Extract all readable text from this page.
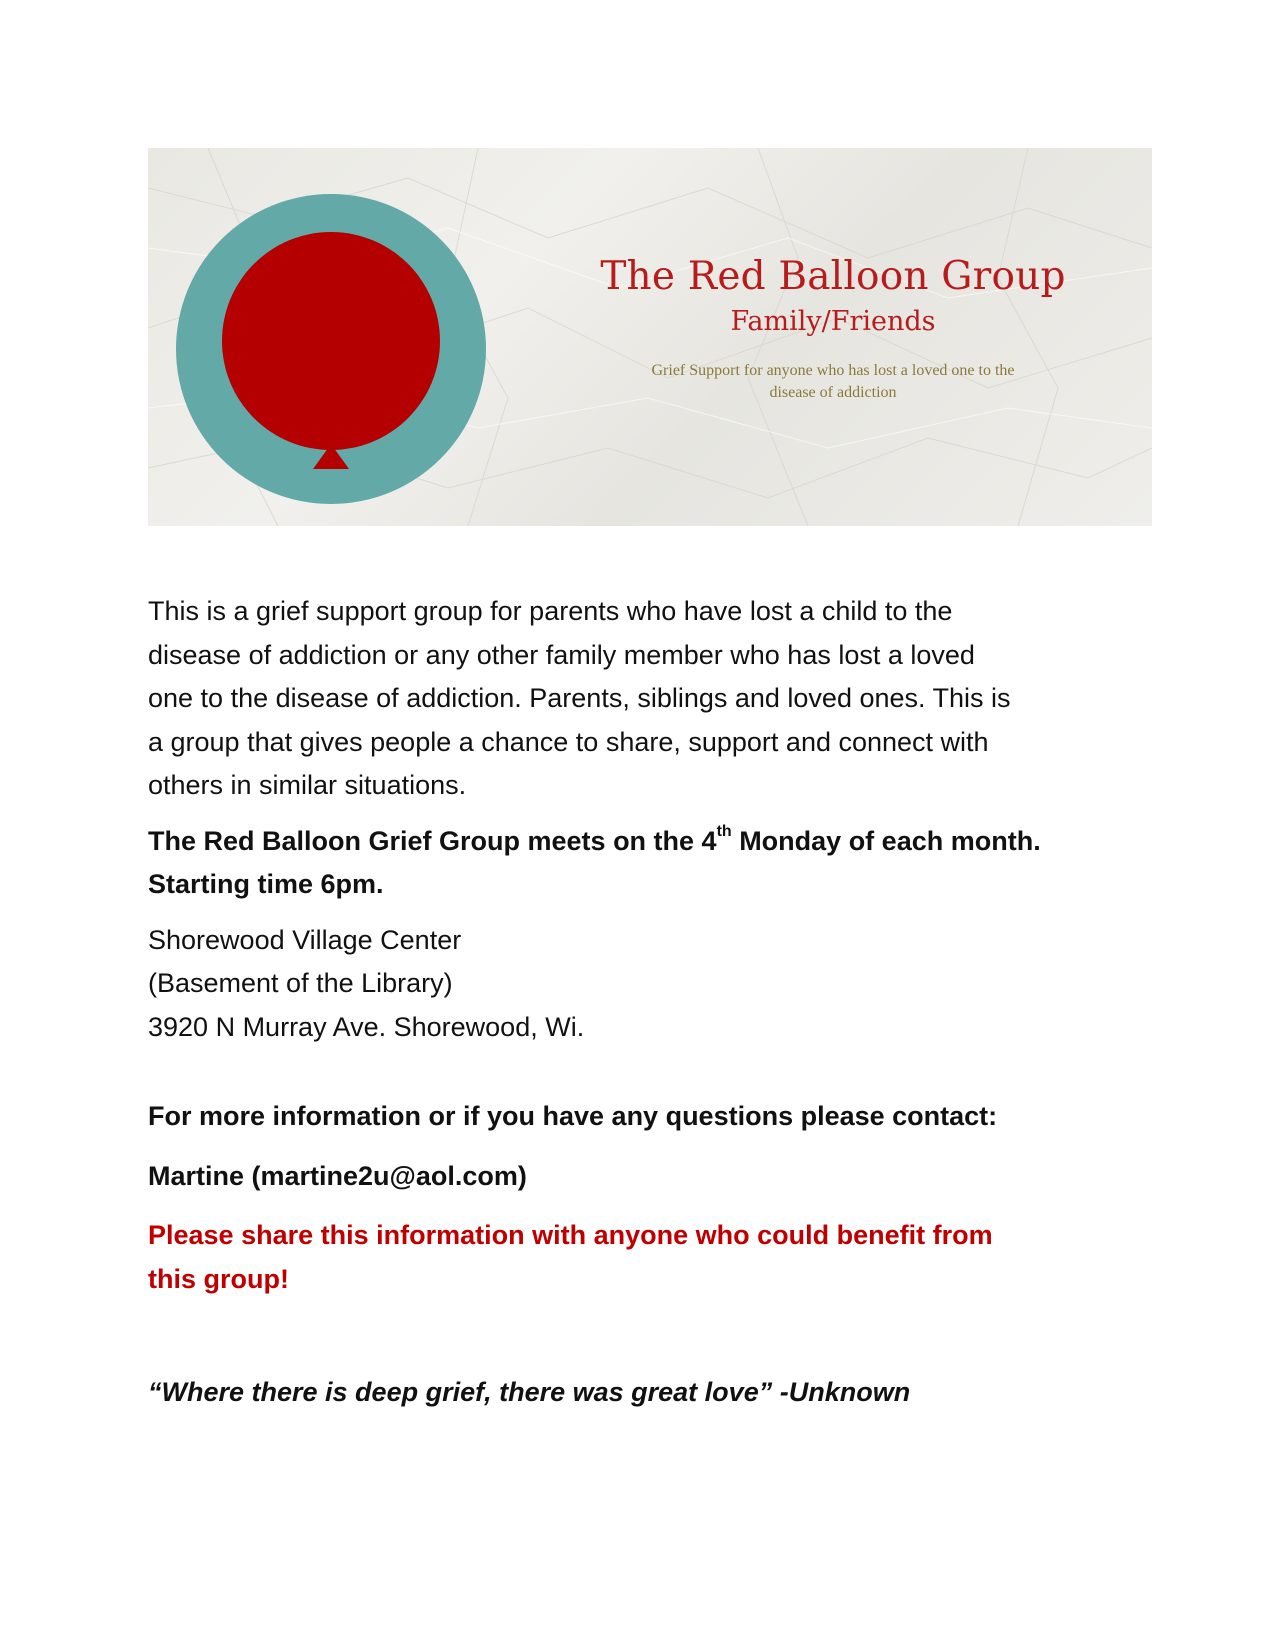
The Red Balloon Group
Family/Friends
Grief Support for anyone who has lost a loved one to the
disease of addiction

This is a grief support group for parents who have lost a child to the
disease of addiction or any other family member who has lost a loved
one to the disease of addiction. Parents, siblings and loved ones. This is
a group that gives people a chance to share, support and connect with
others in similar situations.

The Red Balloon Grief Group meets on the 4th Monday of each month.
Starting time 6pm.

Shorewood Village Center
(Basement of the Library)
3920 N Murray Ave. Shorewood, Wi.

For more information or if you have any questions please contact:

Martine (martine2u@aol.com)

Please share this information with anyone who could benefit from
this group!

“Where there is deep grief, there was great love” -Unknown
